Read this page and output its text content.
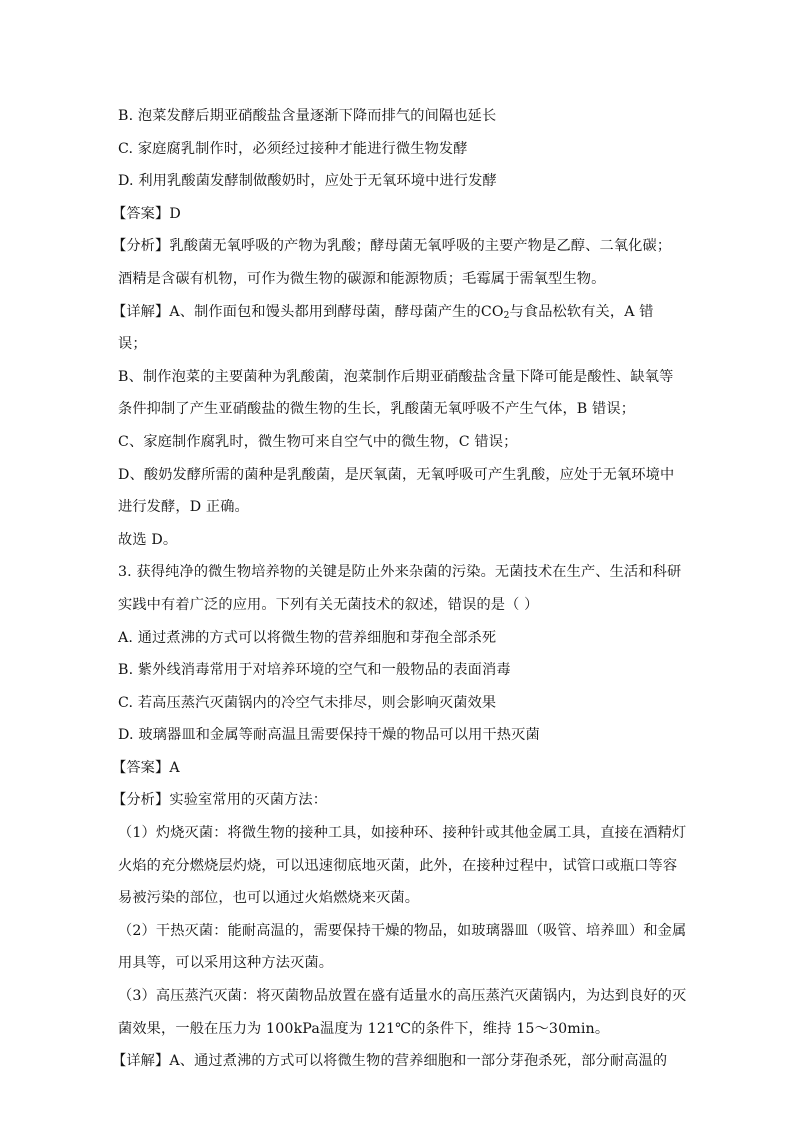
B. 泡菜发酵后期亚硝酸盐含量逐渐下降而排气的间隔也延长
C. 家庭腐乳制作时，必须经过接种才能进行微生物发酵
D. 利用乳酸菌发酵制做酸奶时，应处于无氧环境中进行发酵
【答案】D
【分析】乳酸菌无氧呼吸的产物为乳酸；酵母菌无氧呼吸的主要产物是乙醇、二氧化碳；
酒精是含碳有机物，可作为微生物的碳源和能源物质；毛霉属于需氧型生物。
【详解】A、制作面包和馒头都用到酵母菌，酵母菌产生的$CO_2$与食品松软有关，A 错
误；
B、制作泡菜的主要菌种为乳酸菌，泡菜制作后期亚硝酸盐含量下降可能是酸性、缺氧等
条件抑制了产生亚硝酸盐的微生物的生长，乳酸菌无氧呼吸不产生气体，B 错误；
C、家庭制作腐乳时，微生物可来自空气中的微生物，C 错误；
D、酸奶发酵所需的菌种是乳酸菌，是厌氧菌，无氧呼吸可产生乳酸，应处于无氧环境中
进行发酵，D 正确。
故选 D。
3. 获得纯净的微生物培养物的关键是防止外来杂菌的污染。无菌技术在生产、生活和科研
实践中有着广泛的应用。下列有关无菌技术的叙述，错误的是（ ）
A. 通过煮沸的方式可以将微生物的营养细胞和芽孢全部杀死
B. 紫外线消毒常用于对培养环境的空气和一般物品的表面消毒
C. 若高压蒸汽灭菌锅内的冷空气未排尽，则会影响灭菌效果
D. 玻璃器皿和金属等耐高温且需要保持干燥的物品可以用干热灭菌
【答案】A
【分析】实验室常用的灭菌方法：
（1）灼烧灭菌：将微生物的接种工具，如接种环、接种针或其他金属工具，直接在酒精灯
火焰的充分燃烧层灼烧，可以迅速彻底地灭菌，此外，在接种过程中，试管口或瓶口等容
易被污染的部位，也可以通过火焰燃烧来灭菌。
（2）干热灭菌：能耐高温的，需要保持干燥的物品，如玻璃器皿（吸管、培养皿）和金属
用具等，可以采用这种方法灭菌。
（3）高压蒸汽灭菌：将灭菌物品放置在盛有适量水的高压蒸汽灭菌锅内，为达到良好的灭
菌效果，一般在压力为 100kPa温度为 121℃的条件下，维持 15～30min。
【详解】A、通过煮沸的方式可以将微生物的营养细胞和一部分芽孢杀死，部分耐高温的
